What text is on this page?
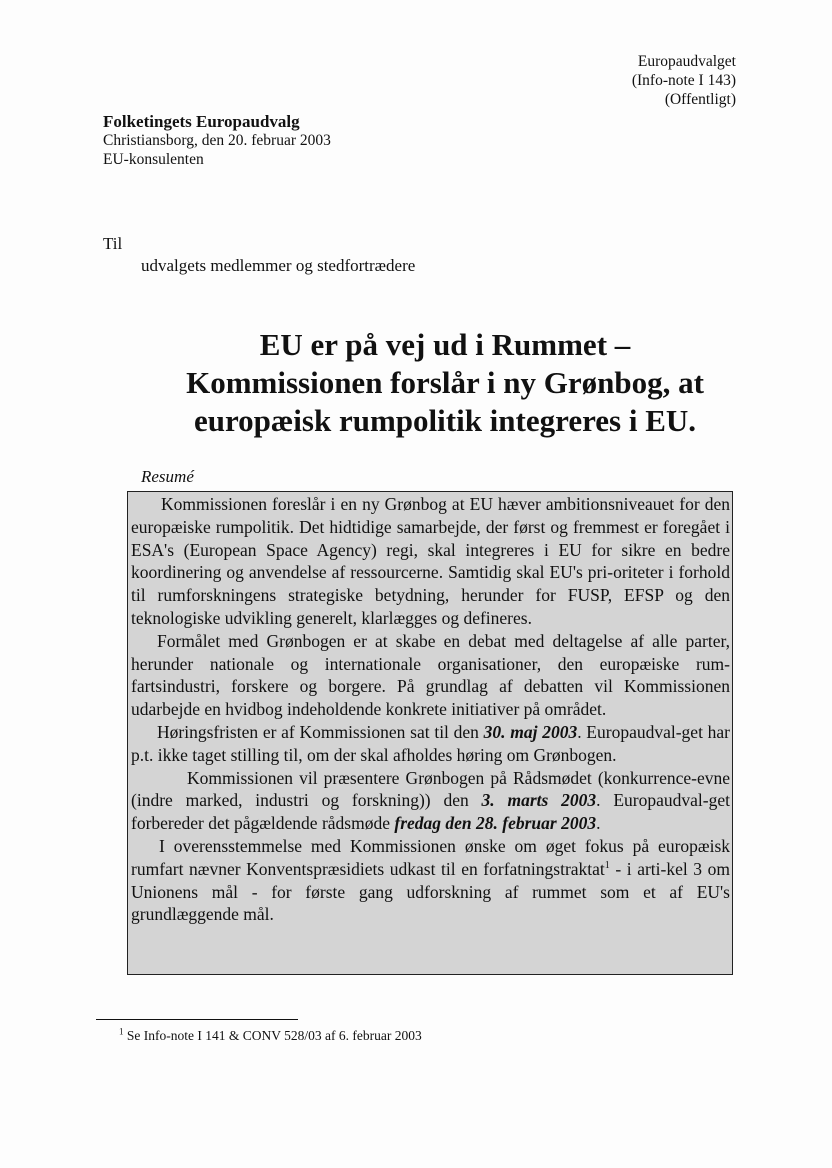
Europaudvalget
(Info-note I 143)
(Offentligt)
Folketingets Europaudvalg
Christiansborg, den 20. februar 2003
EU-konsulenten
Til
udvalgets medlemmer og stedfortrædere
EU er på vej ud i Rummet –
Kommissionen forslår i ny Grønbog, at
europæisk rumpolitik integreres i EU.
Resumé

Kommissionen foreslår i en ny Grønbog at EU hæver ambitionsniveauet for den europæiske rumpolitik. Det hidtidige samarbejde, der først og fremmest er foregået i ESA's (European Space Agency) regi, skal integreres i EU for sikre en bedre koordinering og anvendelse af ressourcerne. Samtidig skal EU's pri-oriteter i forhold til rumforskningens strategiske betydning, herunder for FUSP, EFSP og den teknologiske udvikling generelt, klarlægges og defineres.

Formålet med Grønbogen er at skabe en debat med deltagelse af alle parter, herunder nationale og internationale organisationer, den europæiske rum-fartsindustri, forskere og borgere. På grundlag af debatten vil Kommissionen udarbejde en hvidbog indeholdende konkrete initiativer på området.

Høringsfristen er af Kommissionen sat til den 30. maj 2003. Europaudval-get har p.t. ikke taget stilling til, om der skal afholdes høring om Grønbogen.

Kommissionen vil præsentere Grønbogen på Rådsmødet (konkurrence-evne (indre marked, industri og forskning)) den 3. marts 2003. Europaudval-get forbereder det pågældende rådsmøde fredag den 28. februar 2003.

I overensstemmelse med Kommissionen ønske om øget fokus på europæisk rumfart nævner Konventspræsidiets udkast til en forfatningstraktat$^1$ - i arti-kel 3 om Unionens mål - for første gang udforskning af rummet som et af EU's grundlæggende mål.

$^1$ Se Info-note I 141 & CONV 528/03 af 6. februar 2003
